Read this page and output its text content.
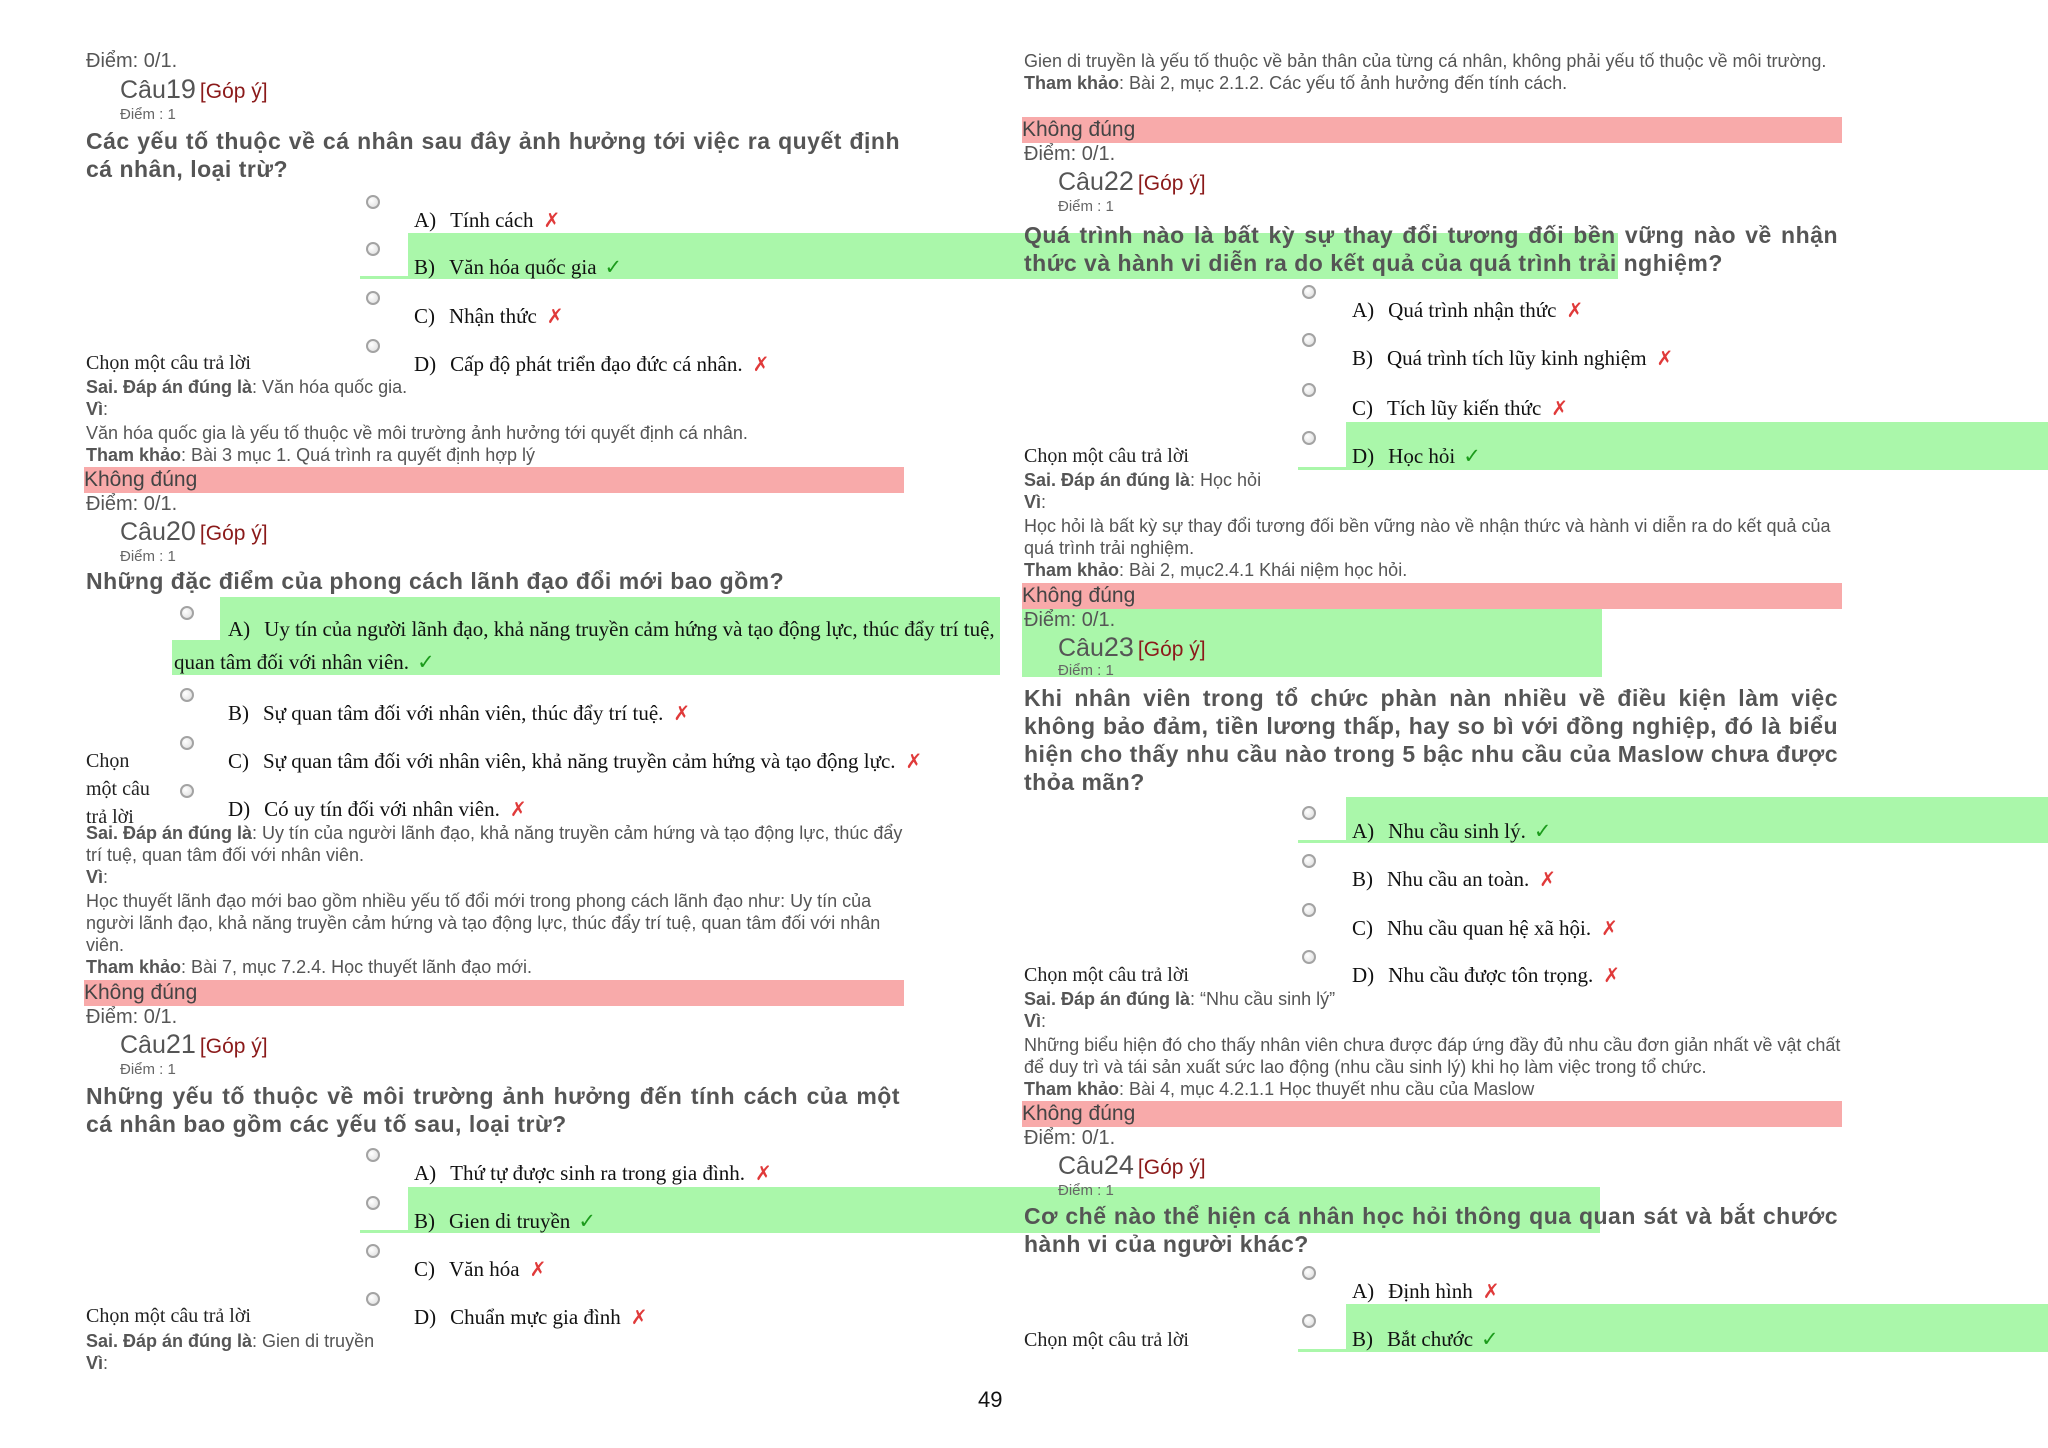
Điểm: 0/1.
Câu19 [Góp ý]
Điểm : 1
Các yếu tố thuộc về cá nhân sau đây ảnh hưởng tới việc ra quyết định cá nhân, loại trừ?
A) Tính cách ✗
B) Văn hóa quốc gia ✓
C) Nhận thức ✗
Chọn một câu trả lời	D) Cấp độ phát triển đạo đức cá nhân. ✗
Sai. Đáp án đúng là: Văn hóa quốc gia.
Vì:
Văn hóa quốc gia là yếu tố thuộc về môi trường ảnh hưởng tới quyết định cá nhân.
Tham khảo: Bài 3 mục 1. Quá trình ra quyết định hợp lý
Không đúng
Điểm: 0/1.
Câu20 [Góp ý]
Điểm : 1
Những đặc điểm của phong cách lãnh đạo đổi mới bao gồm?
A) Uy tín của người lãnh đạo, khả năng truyền cảm hứng và tạo động lực, thúc đẩy trí tuệ, quan tâm đối với nhân viên. ✓
B) Sự quan tâm đối với nhân viên, thúc đẩy trí tuệ. ✗
Chọn
một câu
trả lời
C) Sự quan tâm đối với nhân viên, khả năng truyền cảm hứng và tạo động lực. ✗
D) Có uy tín đối với nhân viên. ✗
Sai. Đáp án đúng là: Uy tín của người lãnh đạo, khả năng truyền cảm hứng và tạo động lực, thúc đẩy trí tuệ, quan tâm đối với nhân viên.
Vì:
Học thuyết lãnh đạo mới bao gồm nhiều yếu tố đổi mới trong phong cách lãnh đạo như: Uy tín của người lãnh đạo, khả năng truyền cảm hứng và tạo động lực, thúc đẩy trí tuệ, quan tâm đối với nhân viên.
Tham khảo: Bài 7, mục 7.2.4. Học thuyết lãnh đạo mới.
Không đúng
Điểm: 0/1.
Câu21 [Góp ý]
Điểm : 1
Những yếu tố thuộc về môi trường ảnh hưởng đến tính cách của một cá nhân bao gồm các yếu tố sau, loại trừ?
A) Thứ tự được sinh ra trong gia đình. ✗
B) Gien di truyền ✓
C) Văn hóa ✗
Chọn một câu trả lời	D) Chuẩn mực gia đình ✗
Sai. Đáp án đúng là: Gien di truyền
Vì:
Gien di truyền là yếu tố thuộc về bản thân của từng cá nhân, không phải yếu tố thuộc về môi trường.
Tham khảo: Bài 2, mục 2.1.2. Các yếu tố ảnh hưởng đến tính cách.
Không đúng
Điểm: 0/1.
Câu22 [Góp ý]
Điểm : 1
Quá trình nào là bất kỳ sự thay đổi tương đối bền vững nào về nhận thức và hành vi diễn ra do kết quả của quá trình trải nghiệm?
A) Quá trình nhận thức ✗
B) Quá trình tích lũy kinh nghiệm ✗
C) Tích lũy kiến thức ✗
Chọn một câu trả lời	D) Học hỏi ✓
Sai. Đáp án đúng là: Học hỏi
Vì:
Học hỏi là bất kỳ sự thay đổi tương đối bền vững nào về nhận thức và hành vi diễn ra do kết quả của quá trình trải nghiệm.
Tham khảo: Bài 2, mục2.4.1 Khái niệm học hỏi.
Không đúng
Điểm: 0/1.
Câu23 [Góp ý]
Điểm : 1
Khi nhân viên trong tổ chức phàn nàn nhiều về điều kiện làm việc không bảo đảm, tiền lương thấp, hay so bì với đồng nghiệp, đó là biểu hiện cho thấy nhu cầu nào trong 5 bậc nhu cầu của Maslow chưa được thỏa mãn?
A) Nhu cầu sinh lý. ✓
B) Nhu cầu an toàn. ✗
C) Nhu cầu quan hệ xã hội. ✗
Chọn một câu trả lời	D) Nhu cầu được tôn trọng. ✗
Sai. Đáp án đúng là: “Nhu cầu sinh lý”
Vì:
Những biểu hiện đó cho thấy nhân viên chưa được đáp ứng đầy đủ nhu cầu đơn giản nhất về vật chất để duy trì và tái sản xuất sức lao động (nhu cầu sinh lý) khi họ làm việc trong tổ chức.
Tham khảo: Bài 4, mục 4.2.1.1 Học thuyết nhu cầu của Maslow
Không đúng
Điểm: 0/1.
Câu24 [Góp ý]
Điểm : 1
Cơ chế nào thể hiện cá nhân học hỏi thông qua quan sát và bắt chước hành vi của người khác?
A) Định hình ✗
Chọn một câu trả lời	B) Bắt chước ✓
49
